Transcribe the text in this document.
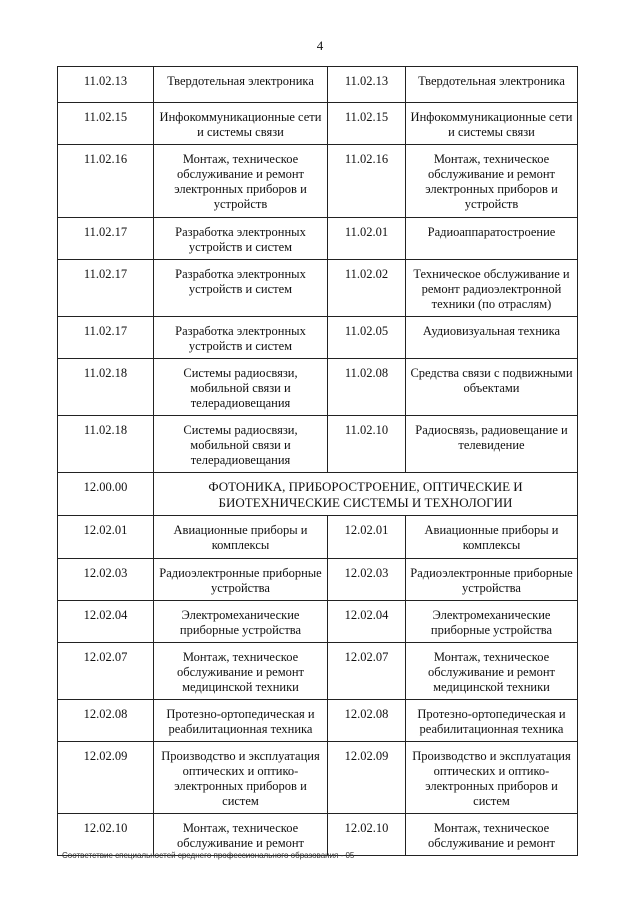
4
11.02.13	Твердотельная электроника	11.02.13	Твердотельная электроника
11.02.15	Инфокоммуникационные сети и системы связи	11.02.15	Инфокоммуникационные сети и системы связи
11.02.16	Монтаж, техническое обслуживание и ремонт электронных приборов и устройств	11.02.16	Монтаж, техническое обслуживание и ремонт электронных приборов и устройств
11.02.17	Разработка электронных устройств и систем	11.02.01	Радиоаппаратостроение
11.02.17	Разработка электронных устройств и систем	11.02.02	Техническое обслуживание и ремонт радиоэлектронной техники (по отраслям)
11.02.17	Разработка электронных устройств и систем	11.02.05	Аудиовизуальная техника
11.02.18	Системы радиосвязи, мобильной связи и телерадиовещания	11.02.08	Средства связи с подвижными объектами
11.02.18	Системы радиосвязи, мобильной связи и телерадиовещания	11.02.10	Радиосвязь, радиовещание и телевидение
12.00.00	ФОТОНИКА, ПРИБОРОСТРОЕНИЕ, ОПТИЧЕСКИЕ И БИОТЕХНИЧЕСКИЕ СИСТЕМЫ И ТЕХНОЛОГИИ		
12.02.01	Авиационные приборы и комплексы	12.02.01	Авиационные приборы и комплексы
12.02.03	Радиоэлектронные приборные устройства	12.02.03	Радиоэлектронные приборные устройства
12.02.04	Электромеханические приборные устройства	12.02.04	Электромеханические приборные устройства
12.02.07	Монтаж, техническое обслуживание и ремонт медицинской техники	12.02.07	Монтаж, техническое обслуживание и ремонт медицинской техники
12.02.08	Протезно-ортопедическая и реабилитационная техника	12.02.08	Протезно-ортопедическая и реабилитационная техника
12.02.09	Производство и эксплуатация оптических и оптико-электронных приборов и систем	12.02.09	Производство и эксплуатация оптических и оптико-электронных приборов и систем
12.02.10	Монтаж, техническое обслуживание и ремонт	12.02.10	Монтаж, техническое обслуживание и ремонт
Соответствие специальностей среднего профессионального образования - 05
